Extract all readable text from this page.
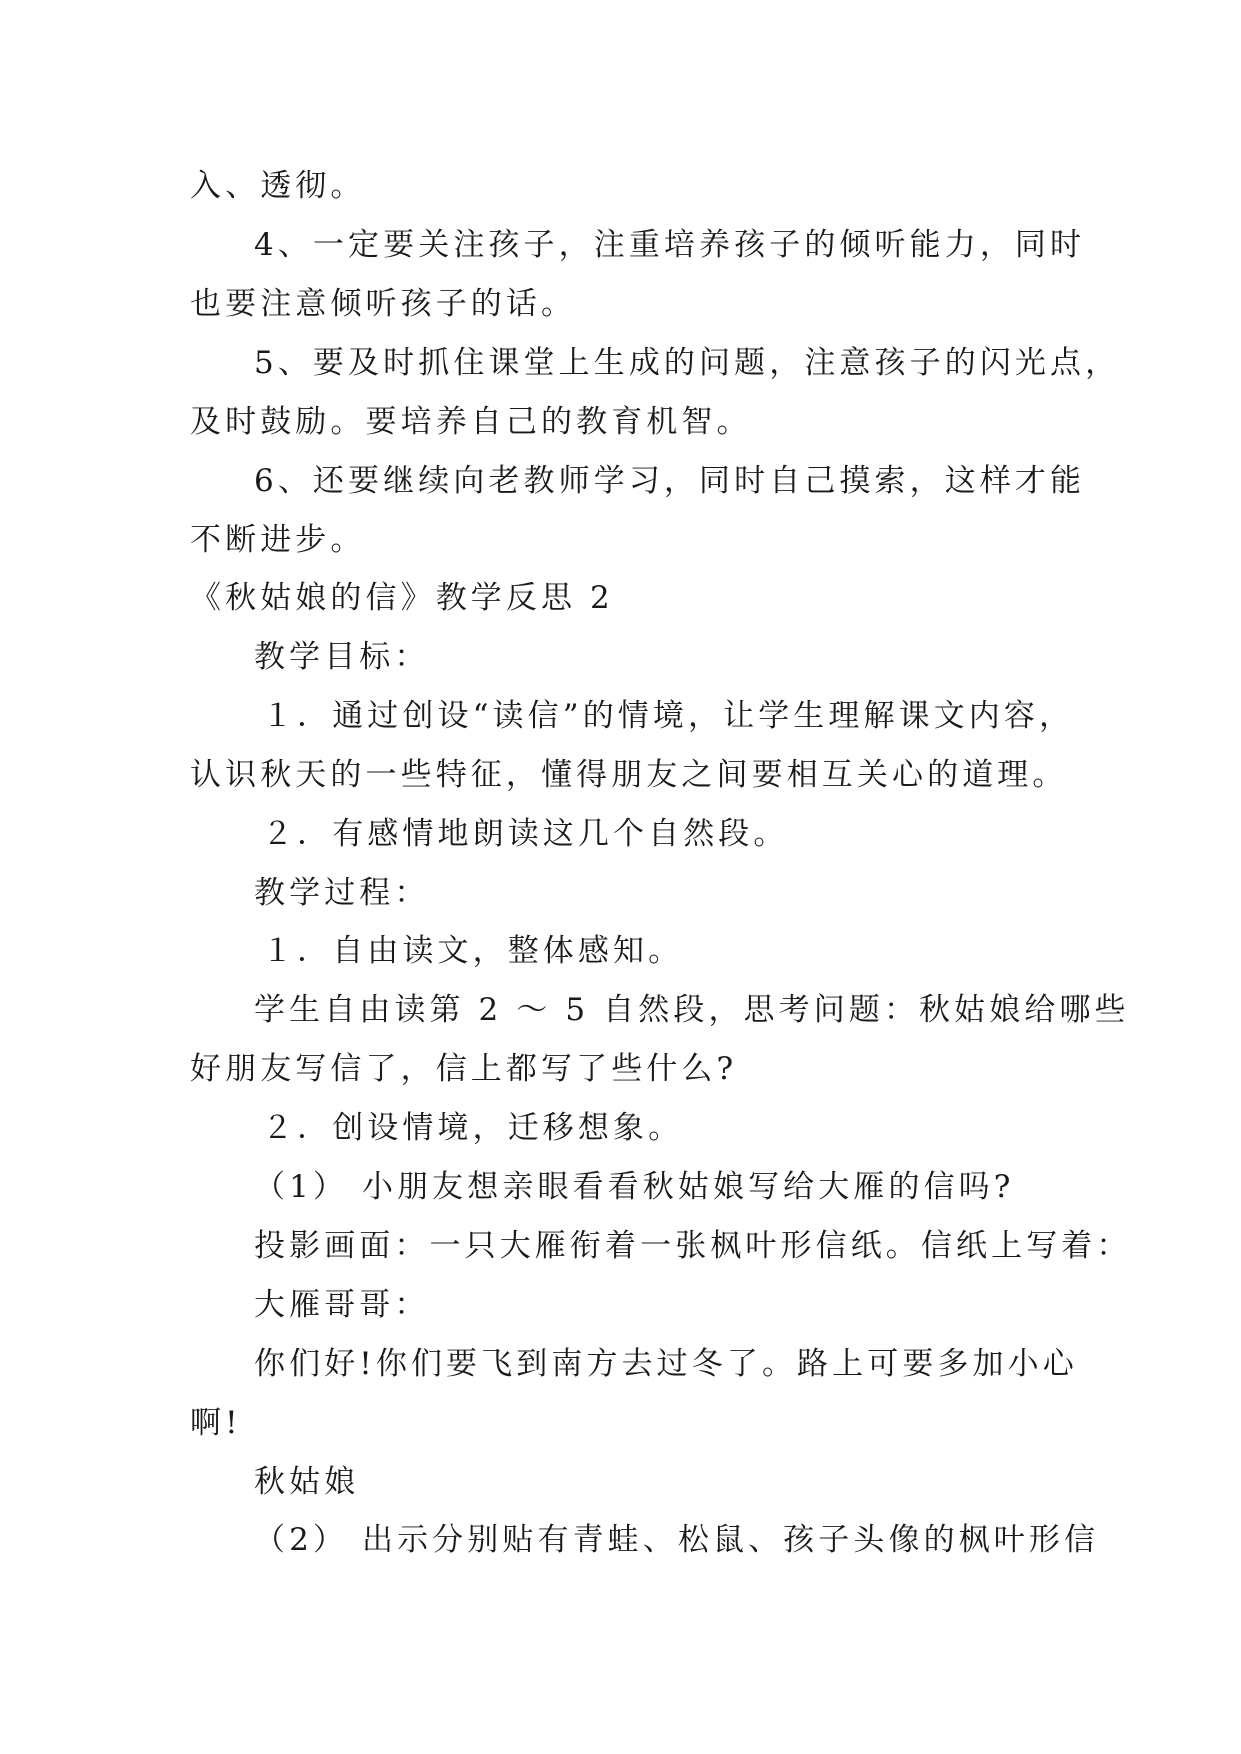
入、透彻。
4、一定要关注孩子，注重培养孩子的倾听能力，同时
也要注意倾听孩子的话。
5、要及时抓住课堂上生成的问题，注意孩子的闪光点，
及时鼓励。要培养自己的教育机智。
6、还要继续向老教师学习，同时自己摸索，这样才能
不断进步。
《秋姑娘的信》教学反思 2
教学目标：
１．通过创设“读信”的情境，让学生理解课文内容，
认识秋天的一些特征，懂得朋友之间要相互关心的道理。
２．有感情地朗读这几个自然段。
教学过程：
１．自由读文，整体感知。
学生自由读第 2 ～ 5 自然段，思考问题：秋姑娘给哪些
好朋友写信了，信上都写了些什么?
２．创设情境，迁移想象。
（1） 小朋友想亲眼看看秋姑娘写给大雁的信吗?
投影画面：一只大雁衔着一张枫叶形信纸。信纸上写着：
大雁哥哥：
你们好!你们要飞到南方去过冬了。路上可要多加小心
啊!
秋姑娘
（2） 出示分别贴有青蛙、松鼠、孩子头像的枫叶形信
